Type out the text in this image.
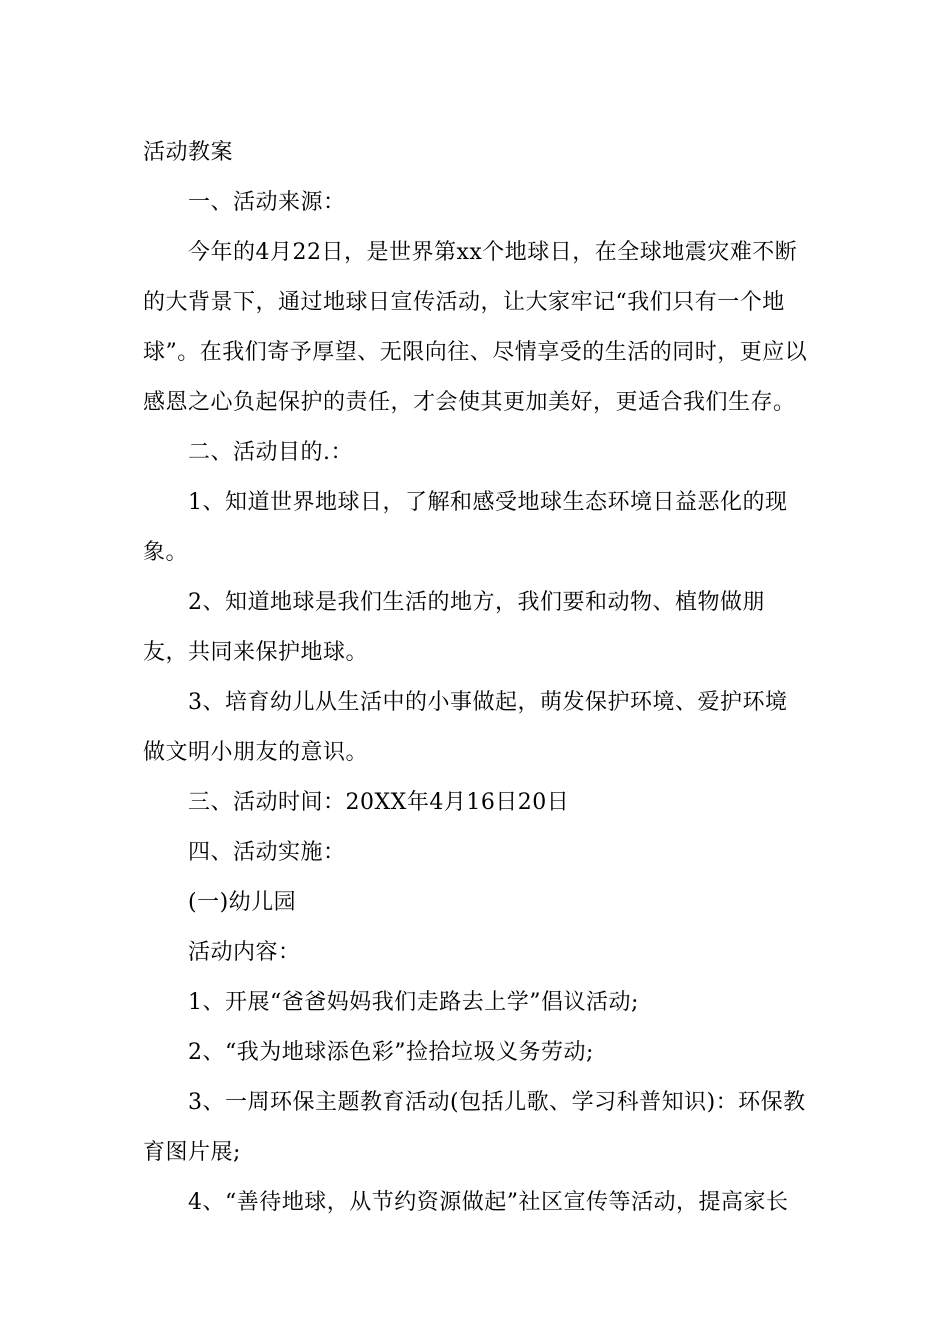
活动教案

一、活动来源：

今年的4月22日，是世界第xx个地球日，在全球地震灾难不断的大背景下，通过地球日宣传活动，让大家牢记“我们只有一个地球”。在我们寄予厚望、无限向往、尽情享受的生活的同时，更应以感恩之心负起保护的责任，才会使其更加美好，更适合我们生存。

二、活动目的.：

1、知道世界地球日，了解和感受地球生态环境日益恶化的现象。

2、知道地球是我们生活的地方，我们要和动物、植物做朋友，共同来保护地球。

3、培育幼儿从生活中的小事做起，萌发保护环境、爱护环境做文明小朋友的意识。

三、活动时间：20XX年4月16日20日

四、活动实施：

(一)幼儿园

活动内容：

1、开展“爸爸妈妈我们走路去上学”倡议活动;

2、“我为地球添色彩”捡拾垃圾义务劳动;

3、一周环保主题教育活动(包括儿歌、学习科普知识)：环保教育图片展;

4、“善待地球，从节约资源做起”社区宣传等活动，提高家长
